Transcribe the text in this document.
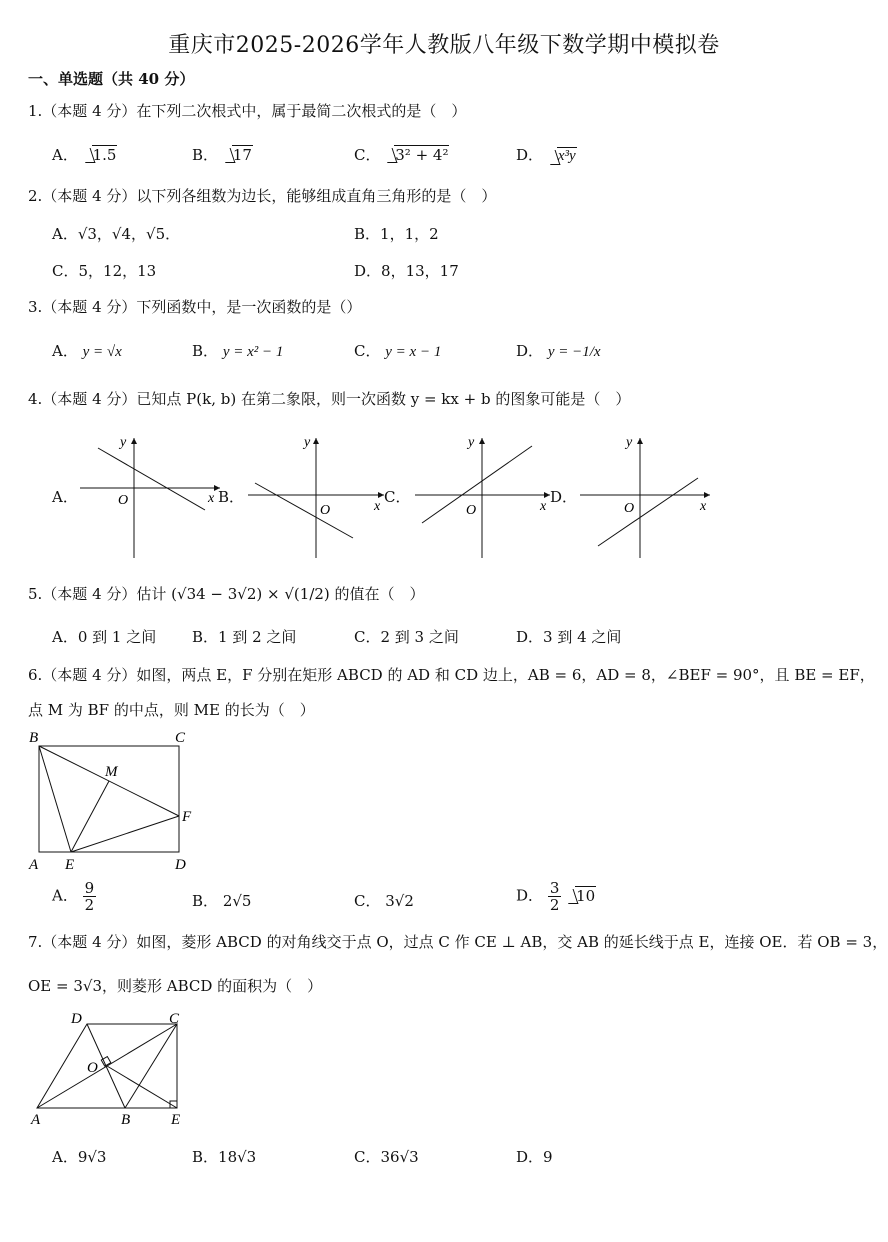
重庆市2025-2026学年人教版八年级下数学期中模拟卷
一、单选题（共 40 分）
1.（本题 4 分）在下列二次根式中，属于最简二次根式的是（　）
A． 1.5	B． 17	C． 3² + 4²	D． x³y
2.（本题 4 分）以下列各组数为边长，能够组成直角三角形的是（　）
A．√3，√4，√5．	B．1，1，2
C．5，12，13	D．8，13，17
3.（本题 4 分）下列函数中，是一次函数的是（）
A． y = √x	B． y = x² − 1	C． y = x − 1	D． y = −1/x
4.（本题 4 分）已知点 P(k, b) 在第二象限，则一次函数 y = kx + b 的图象可能是（　）
A．	B．	C．	D．
y
O	x
y
O	x
y
O	x
y
O	x
5.（本题 4 分）估计 (√34 − 3√2) × √(1/2) 的值在（　）
A．0 到 1 之间 B．1 到 2 之间	C．2 到 3 之间	D．3 到 4 之间
6.（本题 4 分）如图，两点 E，F 分别在矩形 ABCD 的 AD 和 CD 边上，AB = 6，AD = 8，∠BEF = 90°，且 BE = EF，
点 M 为 BF 的中点，则 ME 的长为（　）
B	C
M
F
A E	D
A． $\frac{9}{2}$	B． 2√5	C． 3√2	D． $\frac{3}{2} 10$
7.（本题 4 分）如图，菱形 ABCD 的对角线交于点 O，过点 C 作 CE ⊥ AB，交 AB 的延长线于点 E，连接 OE．若 OB = 3，
OE = 3√3，则菱形 ABCD 的面积为（　）
D	C
O
A	B	E
A．9√3	B．18√3	C．36√3	D．9
